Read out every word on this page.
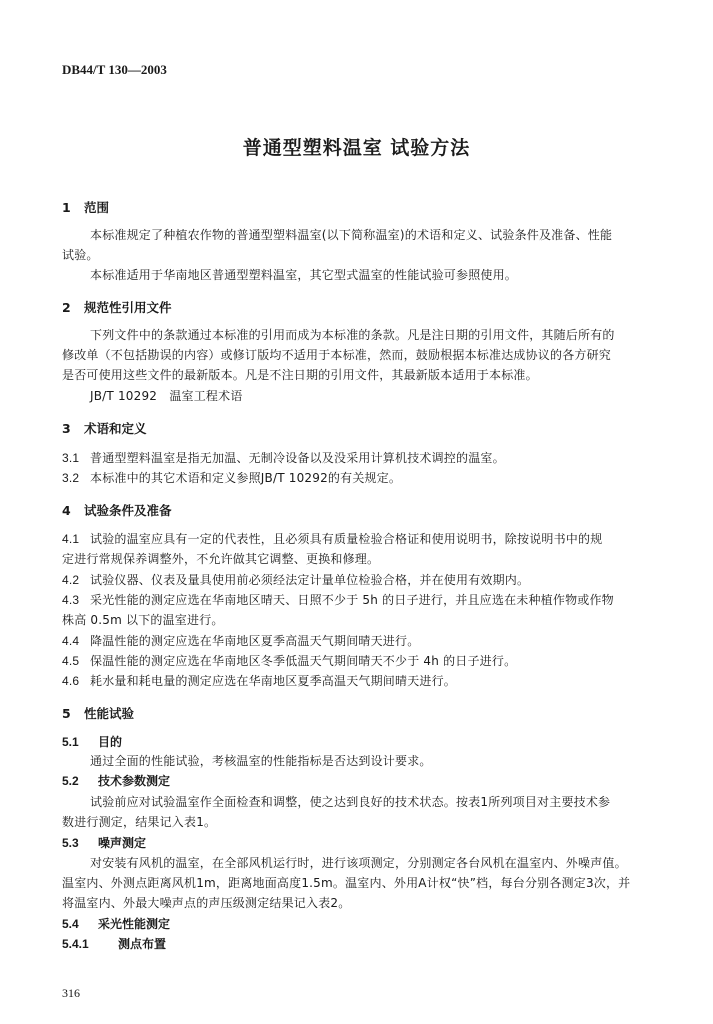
DB44/T 130—2003
普通型塑料温室 试验方法
1 范围
本标准规定了种植农作物的普通型塑料温室(以下简称温室)的术语和定义、试验条件及准备、性能
试验。
本标准适用于华南地区普通型塑料温室，其它型式温室的性能试验可参照使用。
2 规范性引用文件
下列文件中的条款通过本标准的引用而成为本标准的条款。凡是注日期的引用文件，其随后所有的
修改单（不包括勘误的内容）或修订版均不适用于本标准，然而，鼓励根据本标准达成协议的各方研究
是否可使用这些文件的最新版本。凡是不注日期的引用文件，其最新版本适用于本标准。
JB/T 10292　温室工程术语
3 术语和定义
3.1 普通型塑料温室是指无加温、无制冷设备以及没采用计算机技术调控的温室。
3.2 本标准中的其它术语和定义参照JB/T 10292的有关规定。
4 试验条件及准备
4.1 试验的温室应具有一定的代表性，且必须具有质量检验合格证和使用说明书，除按说明书中的规
定进行常规保养调整外，不允许做其它调整、更换和修理。
4.2 试验仪器、仪表及量具使用前必须经法定计量单位检验合格，并在使用有效期内。
4.3 采光性能的测定应选在华南地区晴天、日照不少于 5h 的日子进行，并且应选在未种植作物或作物
株高 0.5m 以下的温室进行。
4.4 降温性能的测定应选在华南地区夏季高温天气期间晴天进行。
4.5 保温性能的测定应选在华南地区冬季低温天气期间晴天不少于 4h 的日子进行。
4.6 耗水量和耗电量的测定应选在华南地区夏季高温天气期间晴天进行。
5 性能试验
5.1 目的
通过全面的性能试验，考核温室的性能指标是否达到设计要求。
5.2 技术参数测定
试验前应对试验温室作全面检查和调整，使之达到良好的技术状态。按表1所列项目对主要技术参
数进行测定，结果记入表1。
5.3 噪声测定
对安装有风机的温室，在全部风机运行时，进行该项测定，分别测定各台风机在温室内、外噪声值。
温室内、外测点距离风机1m，距离地面高度1.5m。温室内、外用A计权“快”档，每台分别各测定3次，并
将温室内、外最大噪声点的声压级测定结果记入表2。
5.4 采光性能测定
5.4.1 测点布置
316
